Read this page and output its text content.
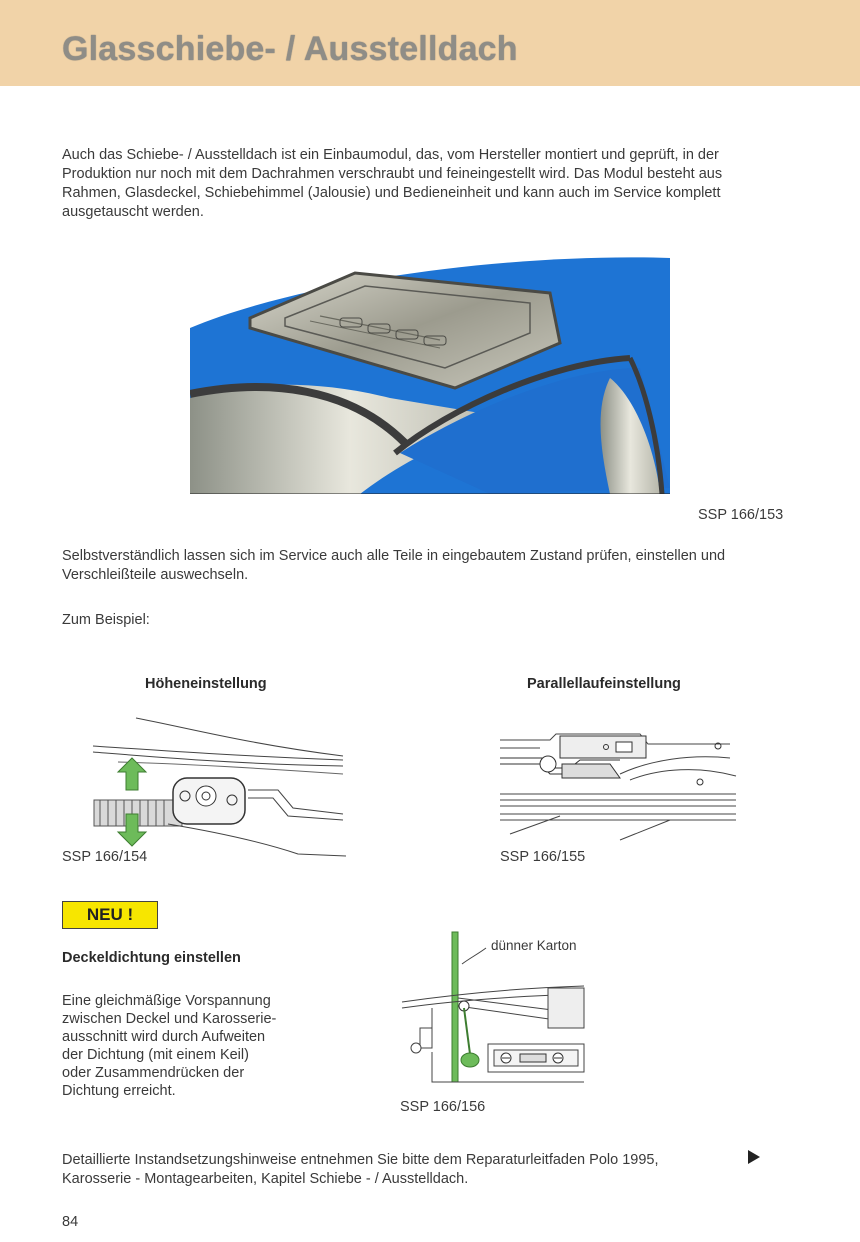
Glasschiebe- / Ausstelldach
Auch das Schiebe- / Ausstelldach ist ein Einbaumodul, das, vom Hersteller montiert und geprüft, in der
Produktion nur noch mit dem Dachrahmen verschraubt und feineingestellt wird. Das Modul besteht aus
Rahmen, Glasdeckel, Schiebehimmel (Jalousie) und Bedieneinheit und kann auch im Service komplett
ausgetauscht werden.
SSP 166/153
Selbstverständlich lassen sich im Service auch alle Teile in eingebautem Zustand prüfen, einstellen und
Verschleißteile auswechseln.
Zum Beispiel:
Höheneinstellung	Parallellaufeinstellung
SSP 166/154	SSP 166/155
NEU !
Deckeldichtung einstellen
Eine gleichmäßige Vorspannung
zwischen Deckel und Karosserie-
ausschnitt wird durch Aufweiten
der Dichtung (mit einem Keil)
oder Zusammendrücken der
Dichtung erreicht.
dünner Karton
SSP 166/156
Detaillierte Instandsetzungshinweise entnehmen Sie bitte dem Reparaturleitfaden Polo 1995,
Karosserie - Montagearbeiten, Kapitel Schiebe - / Ausstelldach.
84
